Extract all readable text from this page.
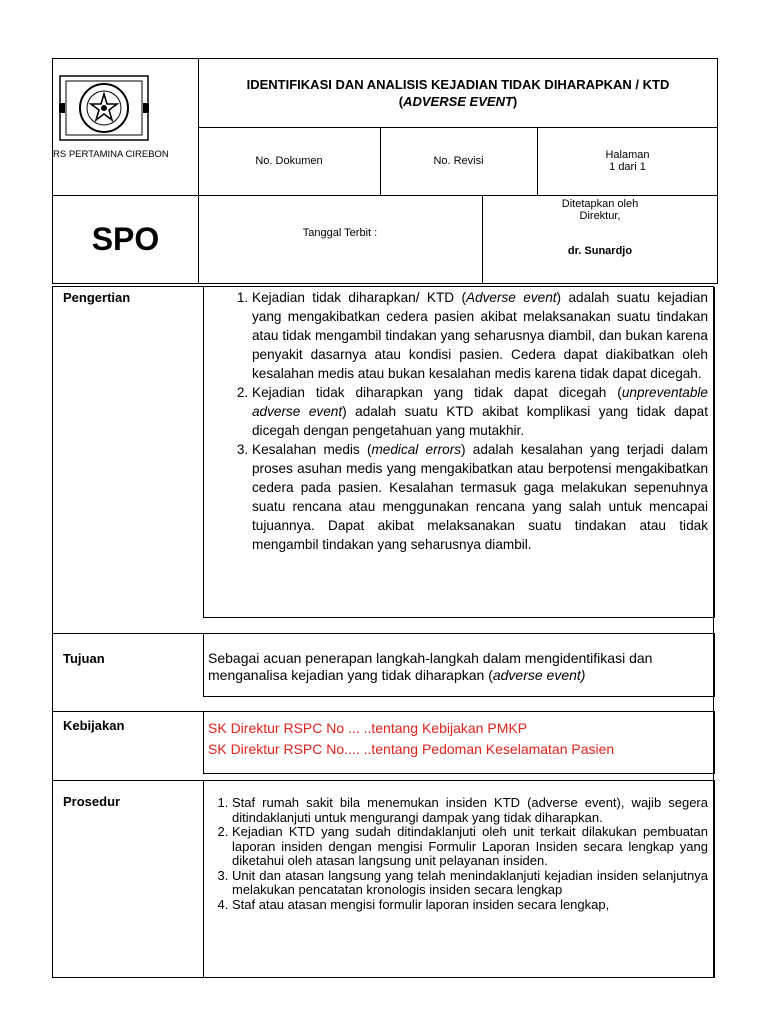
RS PERTAMINA CIREBON
IDENTIFIKASI DAN ANALISIS KEJADIAN TIDAK DIHARAPKAN / KTD
(ADVERSE EVENT)
No. Dokumen	No. Revisi	Halaman
1 dari 1
SPO	Tanggal Terbit :
Ditetapkan oleh
Direktur,
dr. Sunardjo
Pengertian	1. Kejadian tidak diharapkan/ KTD (Adverse event) adalah suatu kejadian yang mengakibatkan cedera pasien akibat melaksanakan suatu tindakan atau tidak mengambil tindakan yang seharusnya diambil, dan bukan karena penyakit dasarnya atau kondisi pasien. Cedera dapat diakibatkan oleh kesalahan medis atau bukan kesalahan medis karena tidak dapat dicegah.
2. Kejadian tidak diharapkan yang tidak dapat dicegah (unpreventable adverse event) adalah suatu KTD akibat komplikasi yang tidak dapat dicegah dengan pengetahuan yang mutakhir.
3. Kesalahan medis (medical errors) adalah kesalahan yang terjadi dalam proses asuhan medis yang mengakibatkan atau berpotensi mengakibatkan cedera pada pasien. Kesalahan termasuk gaga melakukan sepenuhnya suatu rencana atau menggunakan rencana yang salah untuk mencapai tujuannya. Dapat akibat melaksanakan suatu tindakan atau tidak mengambil tindakan yang seharusnya diambil.
Tujuan	Sebagai acuan penerapan langkah-langkah dalam mengidentifikasi dan menganalisa kejadian yang tidak diharapkan (adverse event)
Kebijakan	SK Direktur RSPC No ... ..tentang Kebijakan PMKP
SK Direktur RSPC No.... ..tentang Pedoman Keselamatan Pasien
Prosedur	1. Staf rumah sakit bila menemukan insiden KTD (adverse event), wajib segera ditindaklanjuti untuk mengurangi dampak yang tidak diharapkan.
2. Kejadian KTD yang sudah ditindaklanjuti oleh unit terkait dilakukan pembuatan laporan insiden dengan mengisi Formulir Laporan Insiden secara lengkap yang diketahui oleh atasan langsung unit pelayanan insiden.
3. Unit dan atasan langsung yang telah menindaklanjuti kejadian insiden selanjutnya melakukan pencatatan kronologis insiden secara lengkap
4. Staf atau atasan mengisi formulir laporan insiden secara lengkap,
